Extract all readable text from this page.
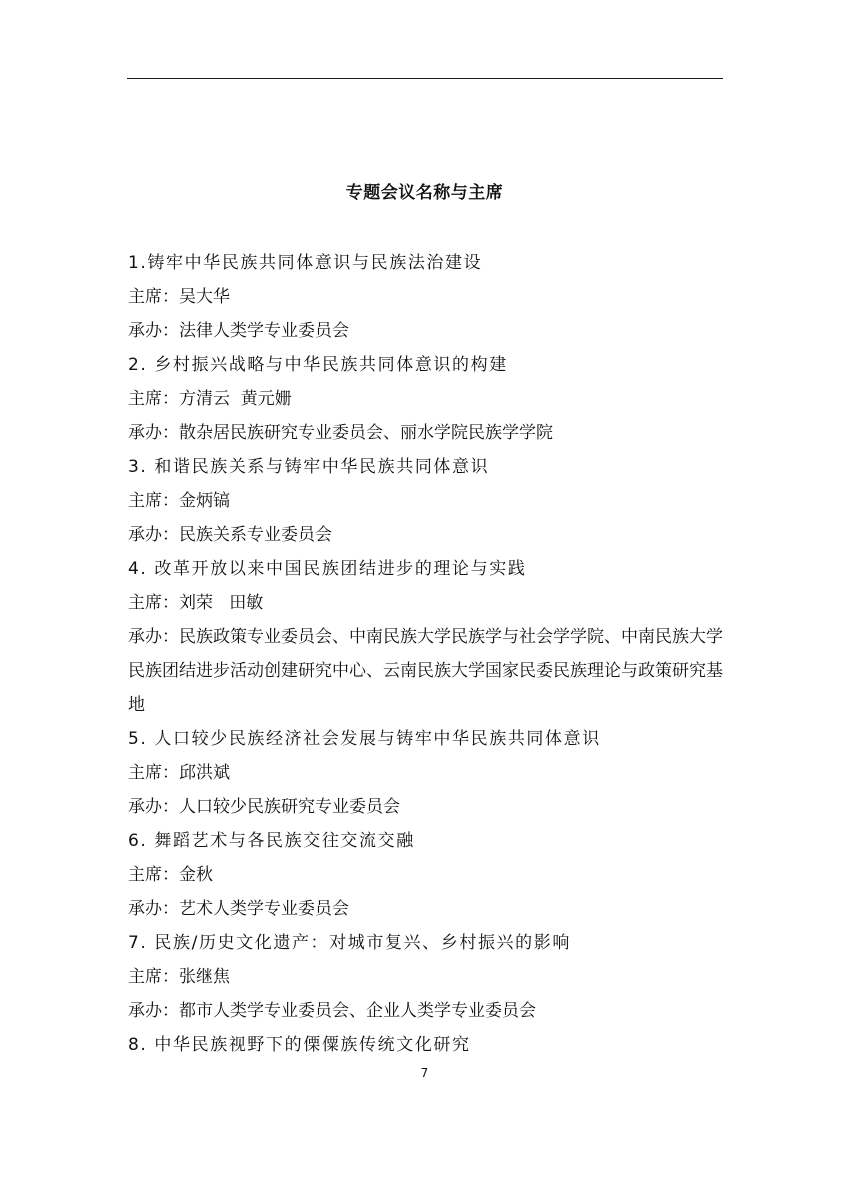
专题会议名称与主席
1.铸牢中华民族共同体意识与民族法治建设
主席：吴大华
承办：法律人类学专业委员会
2. 乡村振兴战略与中华民族共同体意识的构建
主席：方清云  黄元姗
承办：散杂居民族研究专业委员会、丽水学院民族学学院
3. 和谐民族关系与铸牢中华民族共同体意识
主席：金炳镐
承办：民族关系专业委员会
4. 改革开放以来中国民族团结进步的理论与实践
主席：刘荣   田敏
承办：民族政策专业委员会、中南民族大学民族学与社会学学院、中南民族大学民族团结进步活动创建研究中心、云南民族大学国家民委民族理论与政策研究基地
5. 人口较少民族经济社会发展与铸牢中华民族共同体意识
主席：邱洪斌
承办：人口较少民族研究专业委员会
6. 舞蹈艺术与各民族交往交流交融
主席：金秋
承办：艺术人类学专业委员会
7. 民族/历史文化遗产：对城市复兴、乡村振兴的影响
主席：张继焦
承办：都市人类学专业委员会、企业人类学专业委员会
8. 中华民族视野下的傈僳族传统文化研究
7
